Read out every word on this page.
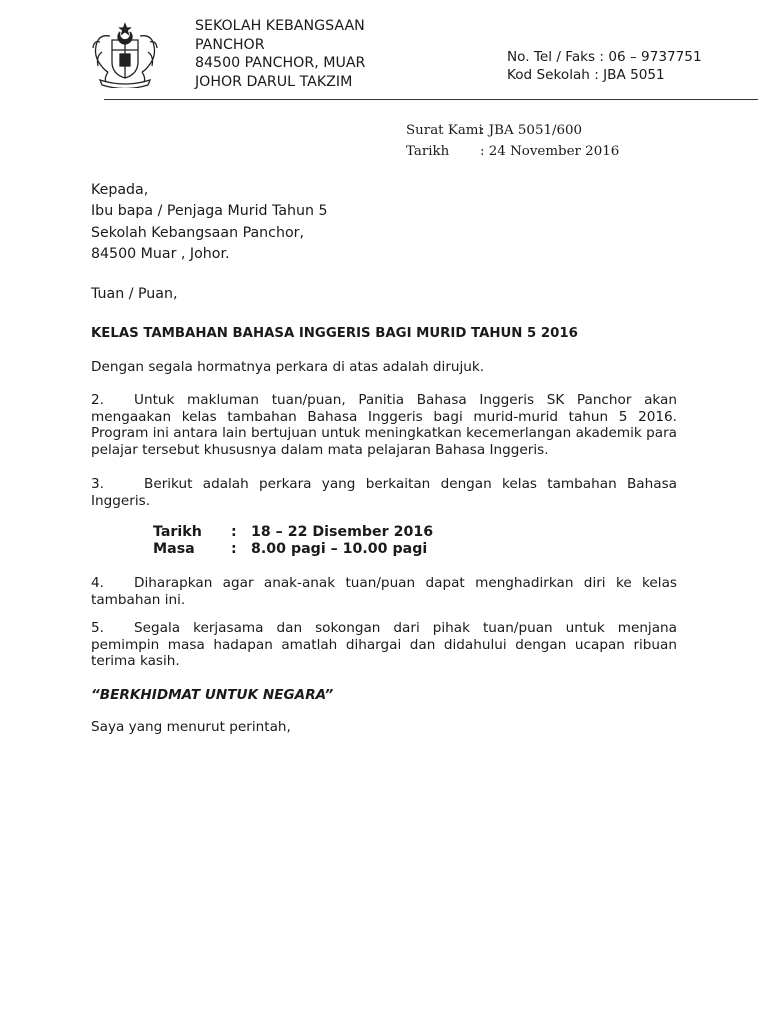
SEKOLAH KEBANGSAAN
PANCHOR
84500 PANCHOR, MUAR
JOHOR DARUL TAKZIM
No. Tel / Faks : 06 – 9737751
Kod Sekolah : JBA 5051
Surat Kami: JBA 5051/600
Tarikh : 24 November 2016
Kepada,
Ibu bapa / Penjaga Murid Tahun 5
Sekolah Kebangsaan Panchor,
84500 Muar , Johor.
Tuan / Puan,
KELAS TAMBAHAN BAHASA INGGERIS BAGI MURID TAHUN 5 2016
Dengan segala hormatnya perkara di atas adalah dirujuk.
2. Untuk makluman tuan/puan, Panitia Bahasa Inggeris SK Panchor akan mengaakan kelas tambahan Bahasa Inggeris bagi murid-murid tahun 5 2016. Program ini antara lain bertujuan untuk meningkatkan kecemerlangan akademik para pelajar tersebut khususnya dalam mata pelajaran Bahasa Inggeris.
3.	Berikut adalah perkara yang berkaitan dengan kelas tambahan Bahasa Inggeris.
Tarikh : 18 – 22 Disember 2016
Masa	: 8.00 pagi – 10.00 pagi
4. Diharapkan agar anak-anak tuan/puan dapat menghadirkan diri ke kelas tambahan ini.
5. Segala kerjasama dan sokongan dari pihak tuan/puan untuk menjana pemimpin masa hadapan amatlah dihargai dan didahului dengan ucapan ribuan terima kasih.
“BERKHIDMAT UNTUK NEGARA”
Saya yang menurut perintah,
